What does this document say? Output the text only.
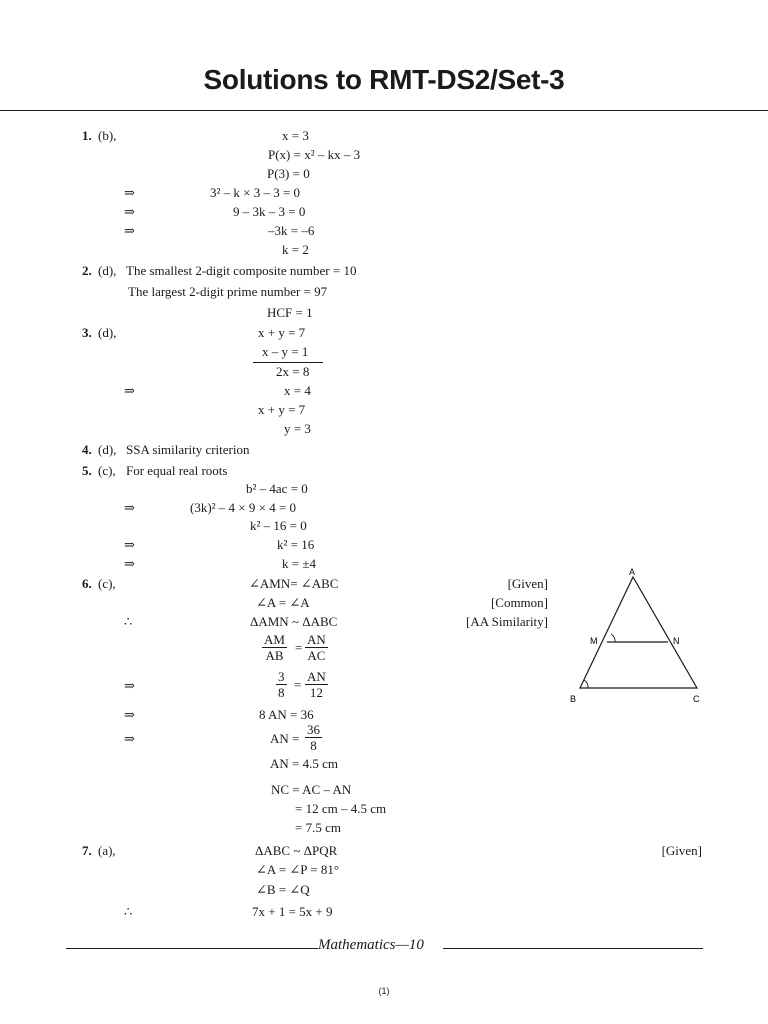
Solutions to RMT-DS2/Set-3
1. (b),	x = 3
P(x) = x² – kx – 3
P(3) = 0
⇒	3² – k × 3 – 3 = 0
⇒	9 – 3k – 3 = 0
⇒	–3k = –6
k = 2
2. (d), The smallest 2-digit composite number = 10
The largest 2-digit prime number = 97
HCF = 1
3. (d),	x + y = 7
x – y = 1
2x = 8
⇒	x = 4
x + y = 7
y = 3
4. (d), SSA similarity criterion
5. (c), For equal real roots
b² – 4ac = 0
⇒	(3k)² – 4 × 9 × 4 = 0
k² – 16 = 0
⇒	k² = 16
⇒	k = ±4
6. (c),	∠AMN= ∠ABC	[Given]
∠A = ∠A	[Common]
∴	ΔAMN ~ ΔABC	[AA Similarity]
$\frac{AM}{AB} = \frac{AN}{AC}$
⇒	$\frac{3}{8} = \frac{AN}{12}$
⇒	8 AN = 36
⇒	AN = $\frac{36}{8}$
AN = 4.5 cm
NC = AC – AN
= 12 cm – 4.5 cm
= 7.5 cm
A
M	N
B	C
7. (a),	ΔABC ~ ΔPQR	[Given]
∠A = ∠P = 81°
∠B = ∠Q
∴	7x + 1 = 5x + 9
Mathematics—10
(1)
